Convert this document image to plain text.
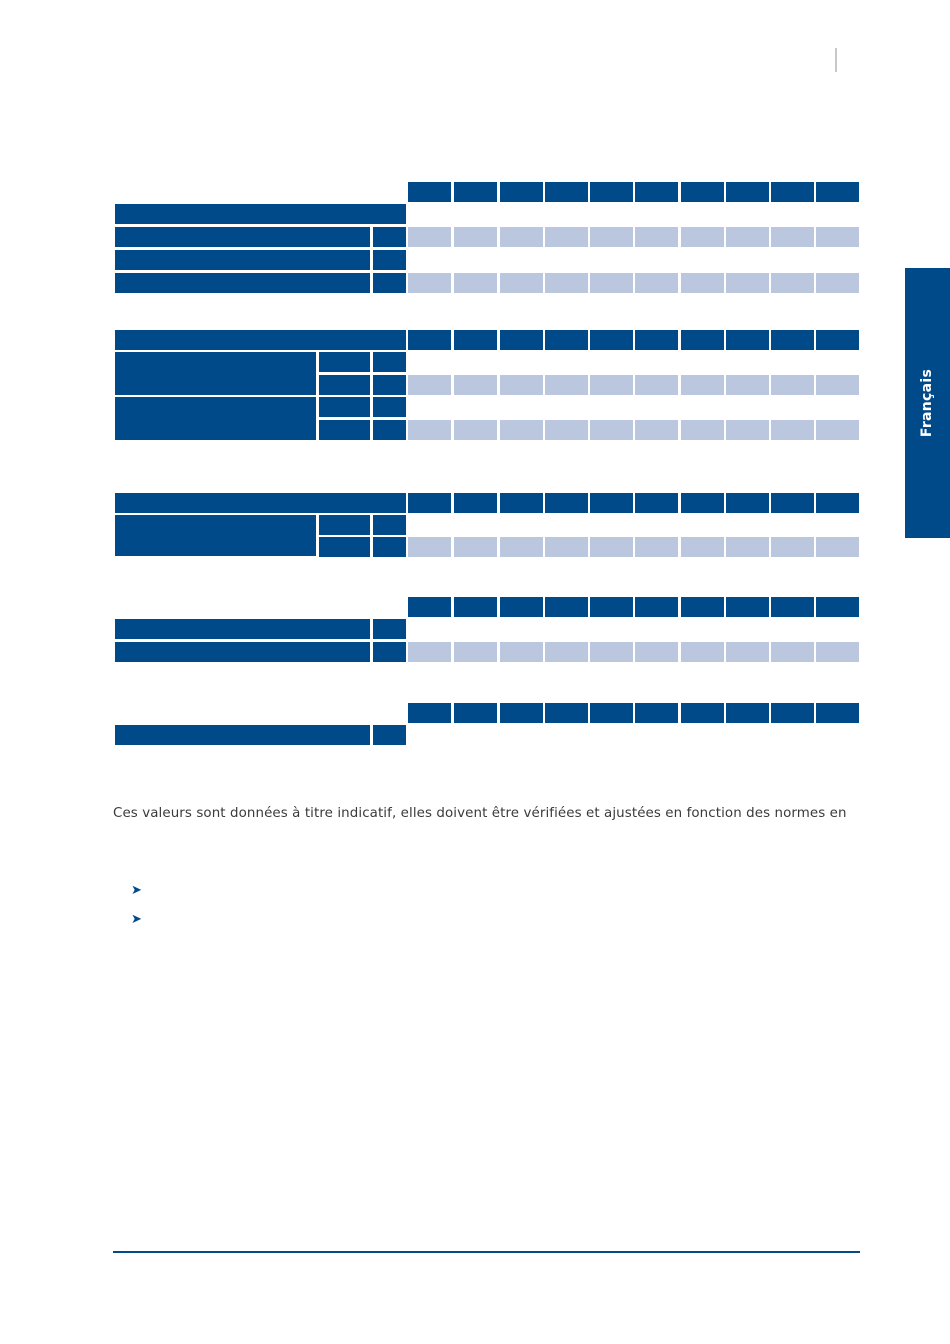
Français

Ces valeurs sont données à titre indicatif, elles doivent être vérifiées et ajustées en fonction des normes en

➤
➤
